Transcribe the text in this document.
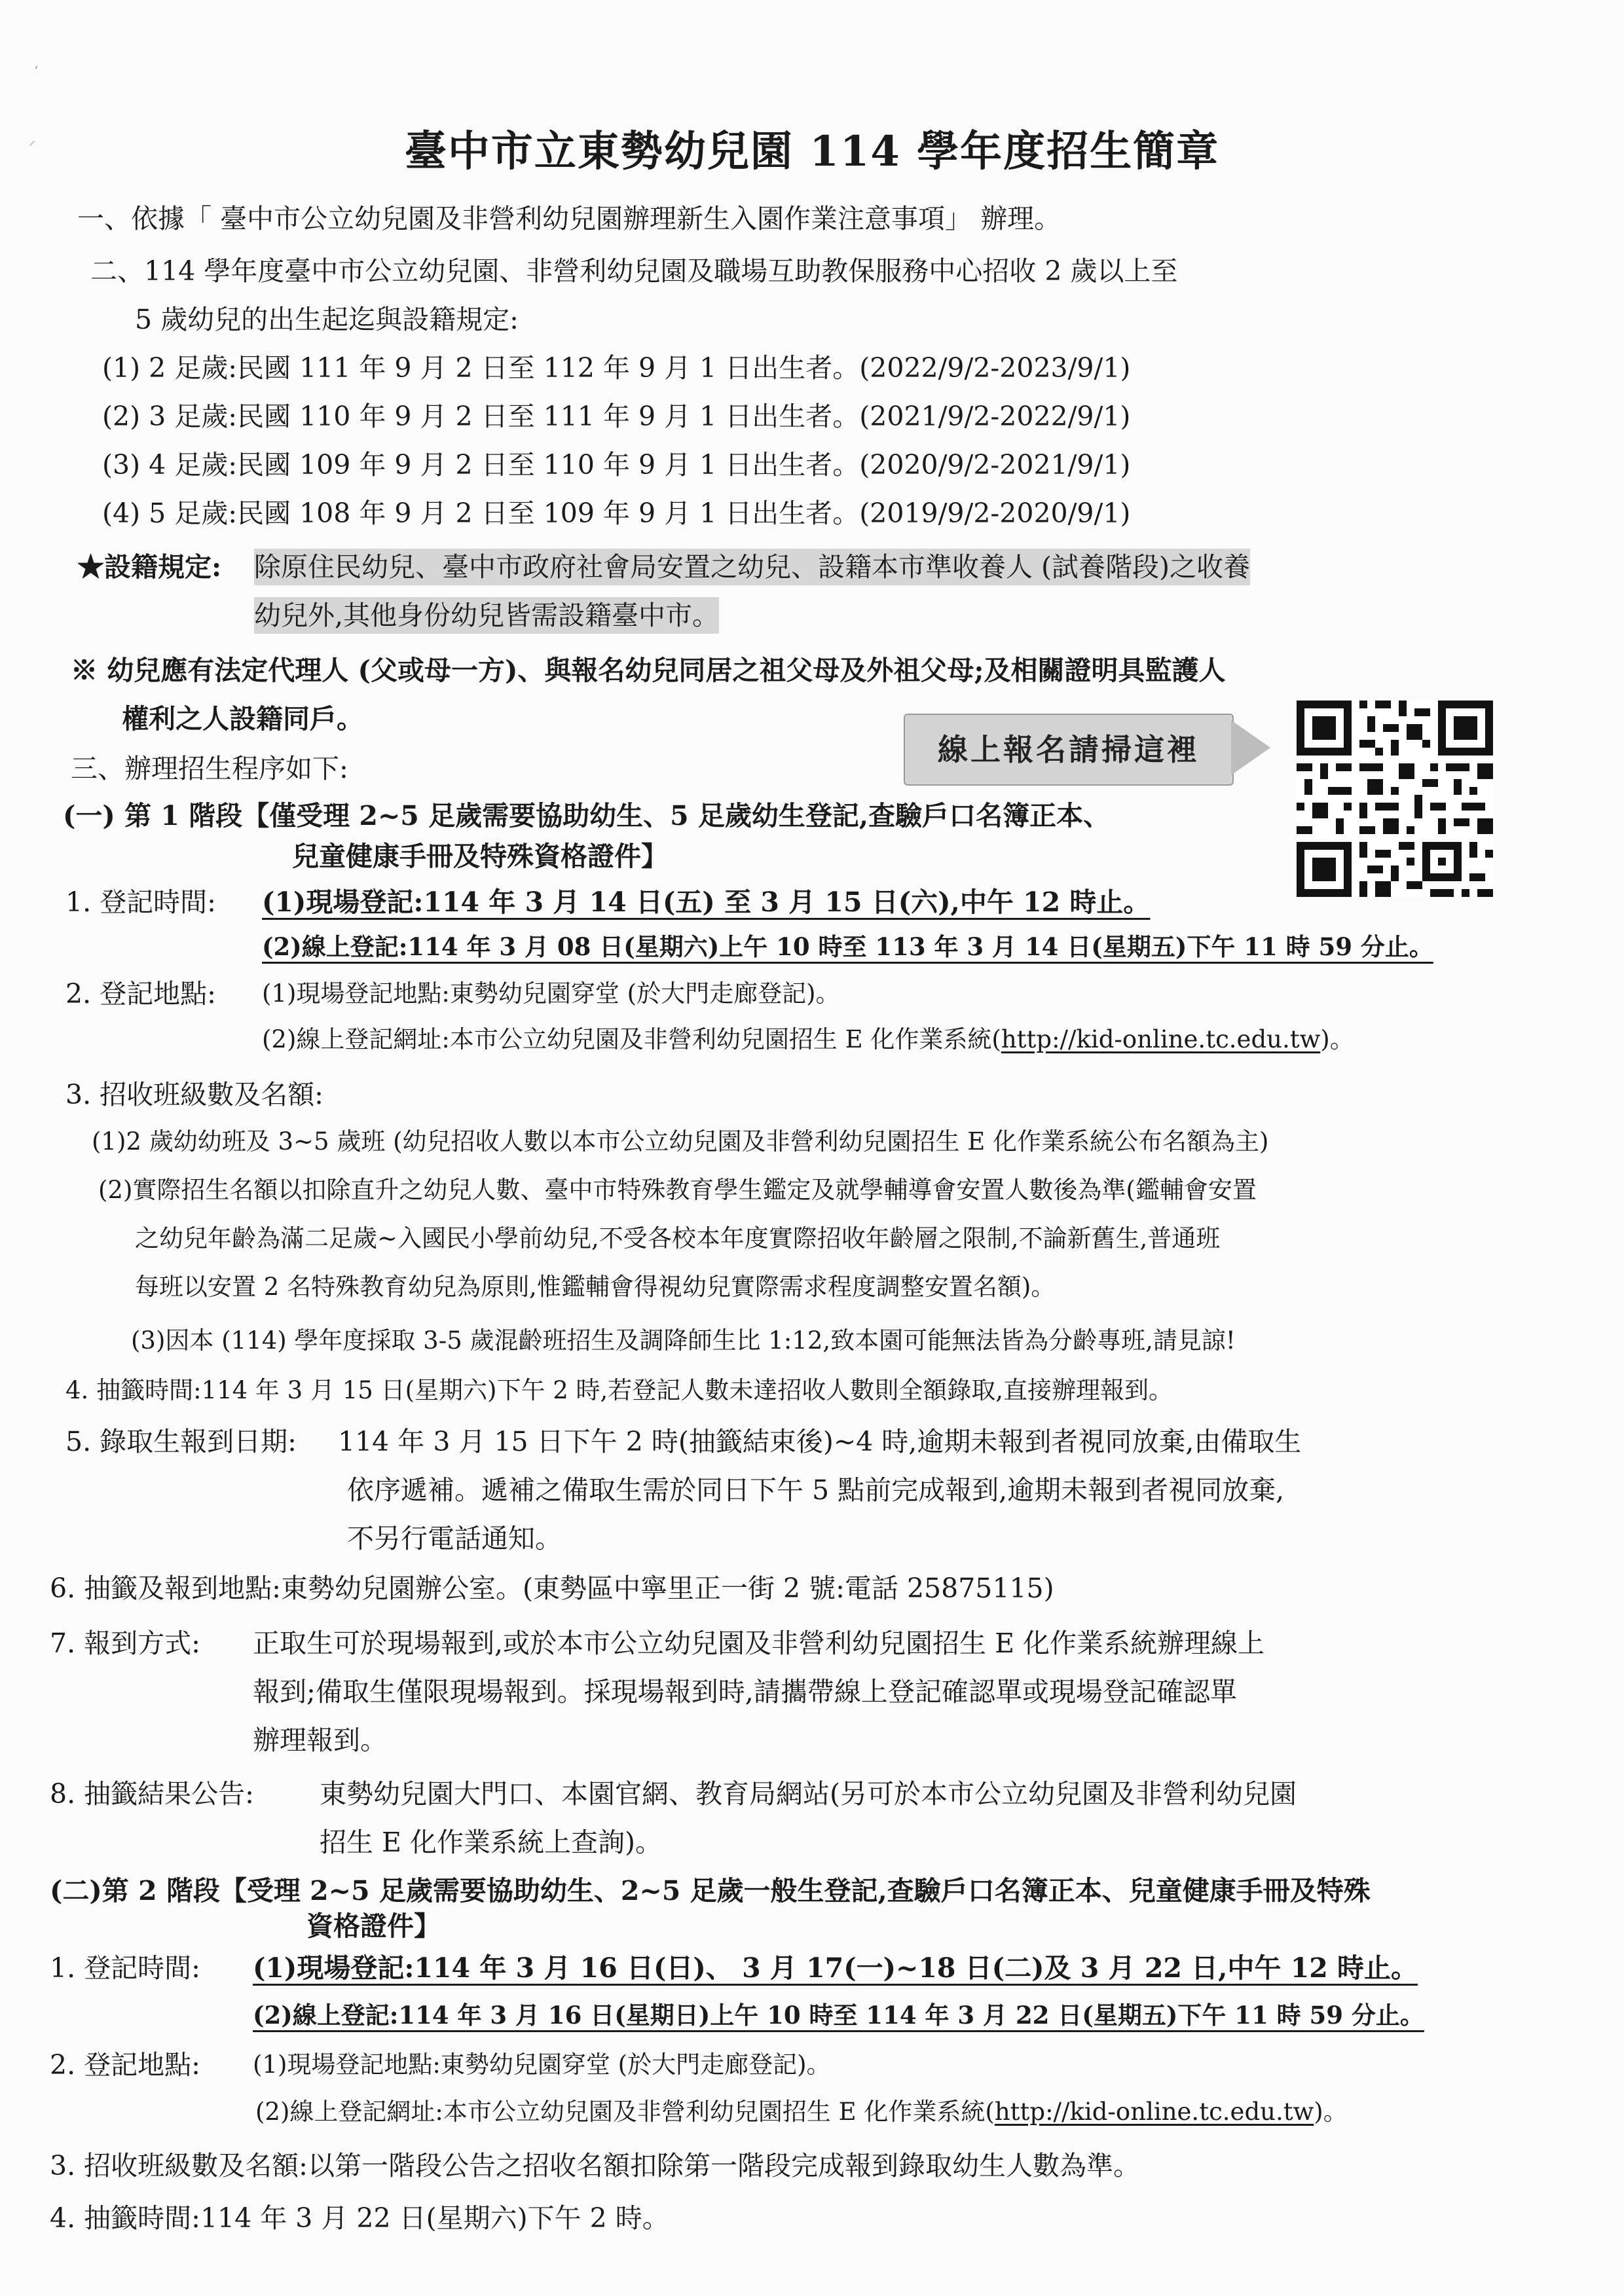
‘
⸝	臺中市立東勢幼兒園 114 學年度招生簡章
一、依據「 臺中市公立幼兒園及非營利幼兒園辦理新生入園作業注意事項」 辦理。
二、114 學年度臺中市公立幼兒園、非營利幼兒園及職場互助教保服務中心招收 2 歲以上至
5 歲幼兒的出生起迄與設籍規定:
(1) 2 足歲:民國 111 年 9 月 2 日至 112 年 9 月 1 日出生者。(2022/9/2-2023/9/1)
(2) 3 足歲:民國 110 年 9 月 2 日至 111 年 9 月 1 日出生者。(2021/9/2-2022/9/1)
(3) 4 足歲:民國 109 年 9 月 2 日至 110 年 9 月 1 日出生者。(2020/9/2-2021/9/1)
(4) 5 足歲:民國 108 年 9 月 2 日至 109 年 9 月 1 日出生者。(2019/9/2-2020/9/1)
★設籍規定: 除原住民幼兒、臺中市政府社會局安置之幼兒、設籍本市準收養人 (試養階段)之收養
幼兒外,其他身份幼兒皆需設籍臺中市。
※ 幼兒應有法定代理人 (父或母一方)、與報名幼兒同居之祖父母及外祖父母;及相關證明具監護人
權利之人設籍同戶。
線上報名請掃這裡
三、辦理招生程序如下:
(一) 第 1 階段【僅受理 2~5 足歲需要協助幼生、5 足歲幼生登記,查驗戶口名簿正本、
兒童健康手冊及特殊資格證件】
1. 登記時間: (1)現場登記:114 年 3 月 14 日(五) 至 3 月 15 日(六),中午 12 時止。
(2)線上登記:114 年 3 月 08 日(星期六)上午 10 時至 113 年 3 月 14 日(星期五)下午 11 時 59 分止。
2. 登記地點: (1)現場登記地點:東勢幼兒園穿堂 (於大門走廊登記)。
(2)線上登記網址:本市公立幼兒園及非營利幼兒園招生 E 化作業系統(http://kid-online.tc.edu.tw)。
3. 招收班級數及名額:
(1)2 歲幼幼班及 3~5 歲班 (幼兒招收人數以本市公立幼兒園及非營利幼兒園招生 E 化作業系統公布名額為主)
(2)實際招生名額以扣除直升之幼兒人數、臺中市特殊教育學生鑑定及就學輔導會安置人數後為準(鑑輔會安置
之幼兒年齡為滿二足歲~入國民小學前幼兒,不受各校本年度實際招收年齡層之限制,不論新舊生,普通班
每班以安置 2 名特殊教育幼兒為原則,惟鑑輔會得視幼兒實際需求程度調整安置名額)。
(3)因本 (114) 學年度採取 3-5 歲混齡班招生及調降師生比 1:12,致本園可能無法皆為分齡專班,請見諒!
4. 抽籤時間:114 年 3 月 15 日(星期六)下午 2 時,若登記人數未達招收人數則全額錄取,直接辦理報到。
5. 錄取生報到日期: 114 年 3 月 15 日下午 2 時(抽籤結束後)~4 時,逾期未報到者視同放棄,由備取生
依序遞補。遞補之備取生需於同日下午 5 點前完成報到,逾期未報到者視同放棄,
不另行電話通知。
6. 抽籤及報到地點:東勢幼兒園辦公室。(東勢區中寧里正一街 2 號:電話 25875115)
7. 報到方式: 正取生可於現場報到,或於本市公立幼兒園及非營利幼兒園招生 E 化作業系統辦理線上
報到;備取生僅限現場報到。採現場報到時,請攜帶線上登記確認單或現場登記確認單
辦理報到。
8. 抽籤結果公告: 東勢幼兒園大門口、本園官網、教育局網站(另可於本市公立幼兒園及非營利幼兒園
招生 E 化作業系統上查詢)。
(二)第 2 階段【受理 2~5 足歲需要協助幼生、2~5 足歲一般生登記,查驗戶口名簿正本、兒童健康手冊及特殊
資格證件】
1. 登記時間: (1)現場登記:114 年 3 月 16 日(日)、 3 月 17(一)~18 日(二)及 3 月 22 日,中午 12 時止。
(2)線上登記:114 年 3 月 16 日(星期日)上午 10 時至 114 年 3 月 22 日(星期五)下午 11 時 59 分止。
2. 登記地點: (1)現場登記地點:東勢幼兒園穿堂 (於大門走廊登記)。
(2)線上登記網址:本市公立幼兒園及非營利幼兒園招生 E 化作業系統(http://kid-online.tc.edu.tw)。
3. 招收班級數及名額:以第一階段公告之招收名額扣除第一階段完成報到錄取幼生人數為準。
4. 抽籤時間:114 年 3 月 22 日(星期六)下午 2 時。
